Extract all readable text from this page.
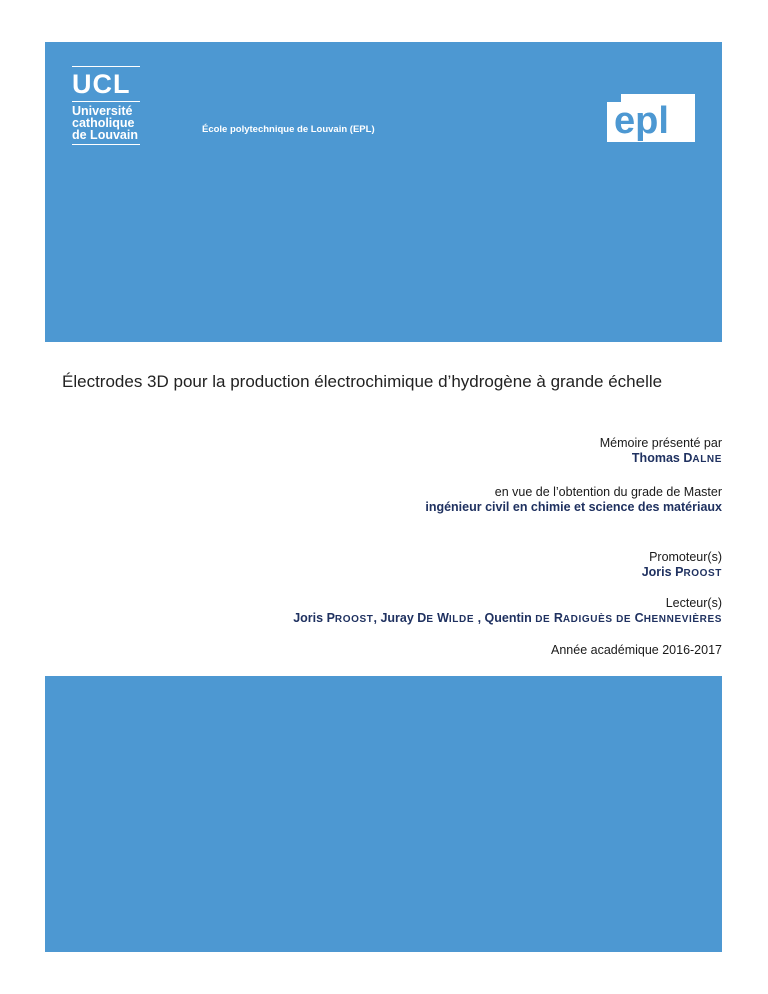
UCL
Université
catholique
de Louvain	École polytechnique de Louvain (EPL)	epl
Électrodes 3D pour la production électrochimique d’hydrogène à grande échelle
Mémoire présenté par
Thomas DALNE
en vue de l’obtention du grade de Master
ingénieur civil en chimie et science des matériaux
Promoteur(s)
Joris PROOST
Lecteur(s)
Joris PROOST, Juray DE WILDE , Quentin DE RADIGUÈS DE CHENNEVIÈRES
Année académique 2016-2017
